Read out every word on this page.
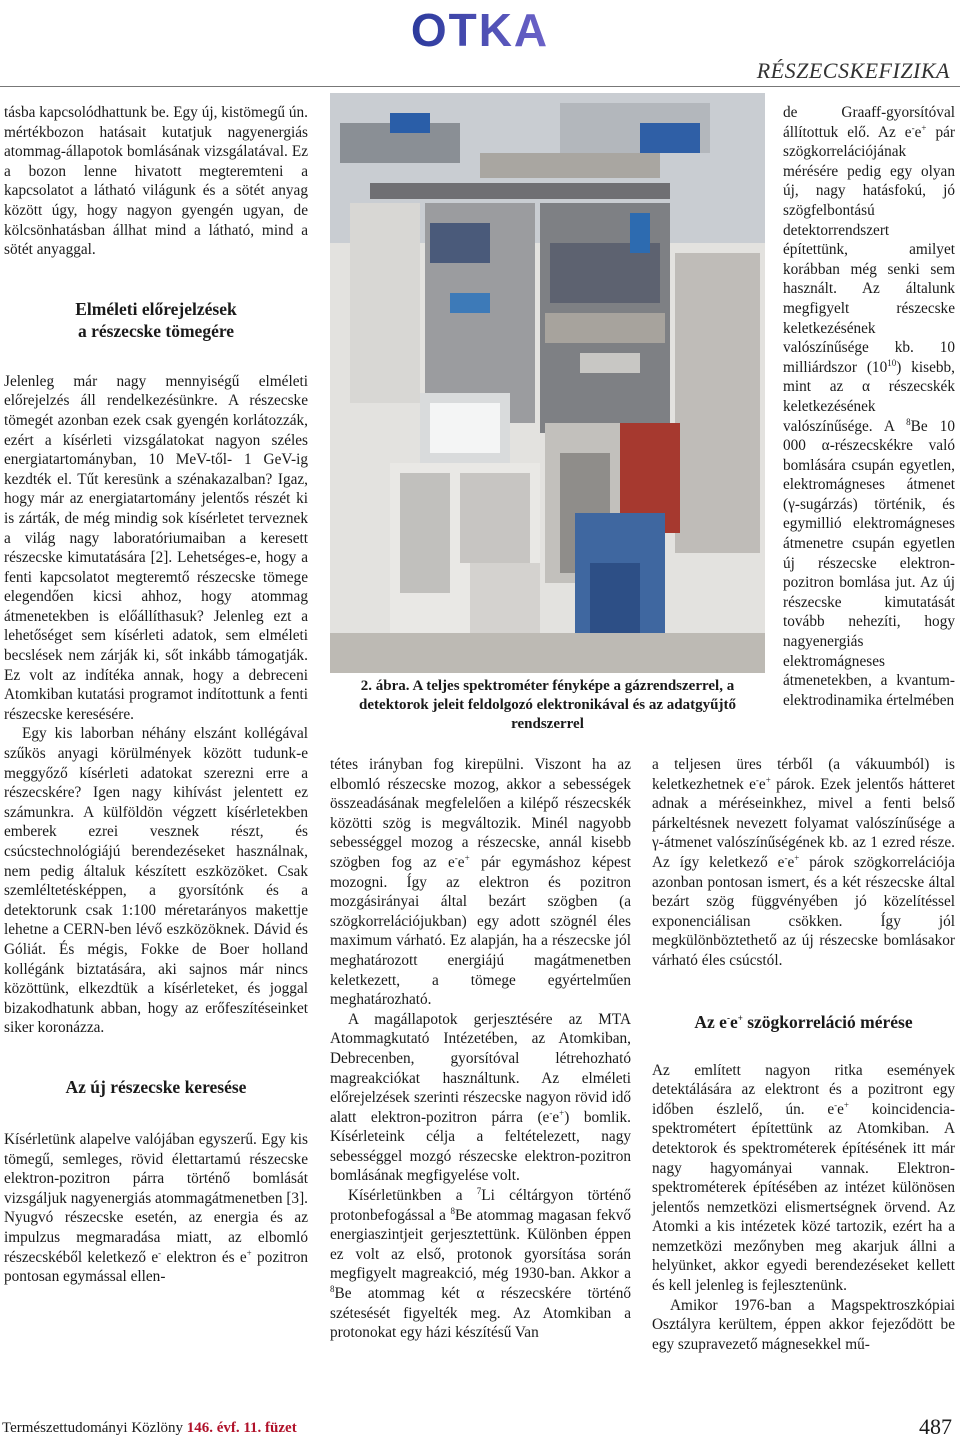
OTKA
RÉSZECSKEFIZIKA

tásba kapcsolódhattunk be. Egy új, kistömegű ún. mértékbozon hatásait kutatjuk nagyenergiás atommag-állapotok bomlásának vizsgálatával. Ez a bozon lenne hivatott megteremteni a kapcsolatot a látható világunk és a sötét anyag között úgy, hogy nagyon gyengén ugyan, de kölcsönhatásban állhat mind a látható, mind a sötét anyaggal.

Elméleti előrejelzések
a részecske tömegére

Jelenleg már nagy mennyiségű elméleti előrejelzés áll rendelkezésünkre. A részecske tömegét azonban ezek csak gyengén korlátozzák, ezért a kísérleti vizsgálatokat nagyon széles energiatartományban, 10 MeV-től- 1 GeV-ig kezdték el. Tűt keresünk a szénakazalban? Igaz, hogy már az energiatartomány jelentős részét ki is zárták, de még mindig sok kísérletet terveznek a világ nagy laboratóriumaiban a keresett részecske kimutatására [2]. Lehetséges-e, hogy a fenti kapcsolatot megteremtő részecske tömege elegendően kicsi ahhoz, hogy atommag átmenetekben is előállíthasuk? Jelenleg ezt a lehetőséget sem kísérleti adatok, sem elméleti becslések nem zárják ki, sőt inkább támogatják. Ez volt az indítéka annak, hogy a debreceni Atomkiban kutatási programot indítottunk a fenti részecske keresésére.

Egy kis laborban néhány elszánt kollégával szűkös anyagi körülmények között tudunk-e meggyőző kísérleti adatokat szerezni erre a részecskére? Igen nagy kihívást jelentett ez számunkra. A külföldön végzett kísérletekben emberek ezrei vesznek részt, és csúcstechnológiájú berendezéseket használnak, nem pedig általuk készített eszközöket. Csak szemléltetésképpen, a gyorsítónk és a detektorunk csak 1:100 méretarányos makettje lehetne a CERN-ben lévő eszközöknek. Dávid és Góliát. És mégis, Fokke de Boer holland kollégánk biztatására, aki sajnos már nincs közöttünk, elkezdtük a kísérleteket, és joggal bizakodhatunk abban, hogy az erőfeszítéseinket siker koronázza.

Az új részecske keresése

Kísérletünk alapelve valójában egyszerű. Egy kis tömegű, semleges, rövid élettartamú részecske elektron-pozitron párra történő bomlását vizsgáljuk nagyenergiás atommagátmenetben [3]. Nyugvó részecske esetén, az energia és az impulzus megmaradása miatt, az elbomló részecskéből keletkező e- elektron és e+ pozitron pontosan egymással ellen-

2. ábra. A teljes spektrométer fényképe a gázrendszerrel, a detektorok jeleit feldolgozó elektronikával és az adatgyűjtő rendszerrel

tétes irányban fog kirepülni. Viszont ha az elbomló részecske mozog, akkor a sebességek összeadásának megfelelően a kilépő részecskék közötti szög is megváltozik. Minél nagyobb sebességgel mozog a részecske, annál kisebb szögben fog az e-e+ pár egymáshoz képest mozogni. Így az elektron és pozitron mozgásirányai által bezárt szögben (a szögkorrelációjukban) egy adott szögnél éles maximum várható. Ez alapján, ha a részecske jól meghatározott energiájú magátmenetben keletkezett, a tömege egyértelműen meghatározható.

A magállapotok gerjesztésére az MTA Atommagkutató Intézetében, az Atomkiban, Debrecenben, gyorsítóval létrehozható magreakciókat használtunk. Az elméleti előrejelzések szerinti részecske nagyon rövid idő alatt elektron-pozitron párra (e-e+) bomlik. Kísérleteink célja a feltételezett, nagy sebességgel mozgó részecske elektron-pozitron bomlásának megfigyelése volt.

Kísérletünkben a $^7$Li céltárgyon történő protonbefogással a $^8$Be atommag magasan fekvő energiaszintjeit gerjesztettünk. Különben éppen ez volt az első, protonok gyorsítása során megfigyelt magreakció, még 1930-ban. Akkor a $^8$Be atommag két α részecskére történő szétesését figyelték meg. Az Atomkiban a protonokat egy házi készítésű Van

de Graaff-gyorsítóval állítottuk elő. Az e-e+ pár szögkorrelációjának mérésére pedig egy olyan új, nagy hatásfokú, jó szögfelbontású detektorrendszert építettünk, amilyet korábban még senki sem használt. Az általunk megfigyelt részecske keletkezésének valószínűsége kb. 10 milliárdszor $(10^{10})$ kisebb, mint az α részecskék keletkezésének valószínűsége. A $^8$Be 10 000 α-részecskékre való bomlására csupán egyetlen, elektromágneses átmenet (γ-sugárzás) történik, és egymillió elektromágneses átmenetre csupán egyetlen új részecske elektron-pozitron bomlása jut. Az új részecske kimutatását tovább nehezíti, hogy nagyenergiás elektromágneses átmenetekben, a kvantum-elektrodinamika értelmében

a teljesen üres térből (a vákuumból) is keletkezhetnek e-e+ párok. Ezek jelentős hátteret adnak a méréseinkhez, mivel a fenti belső párkeltésnek nevezett folyamat valószínűsége a γ-átmenet valószínűségének kb. az 1 ezred része. Az így keletkező e-e+ párok szögkorrelációja azonban pontosan ismert, és a két részecske által bezárt szög függvényében jó közelítéssel exponenciálisan csökken. Így jól megkülönböztethető az új részecske bomlásakor várható éles csúcstól.

Az e-e+ szögkorreláció mérése

Az említett nagyon ritka események detektálására az elektront és a pozitront egy időben észlelő, ún. e-e+ koincidencia-spektrométert építettünk az Atomkiban. A detektorok és spektrométerek építésének itt már nagy hagyományai vannak. Elektron-spektrométerek építésében az intézet különösen jelentős nemzetközi elismertségnek örvend. Az Atomki a kis intézetek közé tartozik, ezért ha a nemzetközi mezőnyben meg akarjuk állni a helyünket, akkor egyedi berendezéseket kellett és kell jelenleg is fejlesztenünk.

Amikor 1976-ban a Magspektroszkópiai Osztályra kerültem, éppen akkor fejeződött be egy szupravezető mágnesekkel mű-

Természettudományi Közlöny 146. évf. 11. füzet	487
